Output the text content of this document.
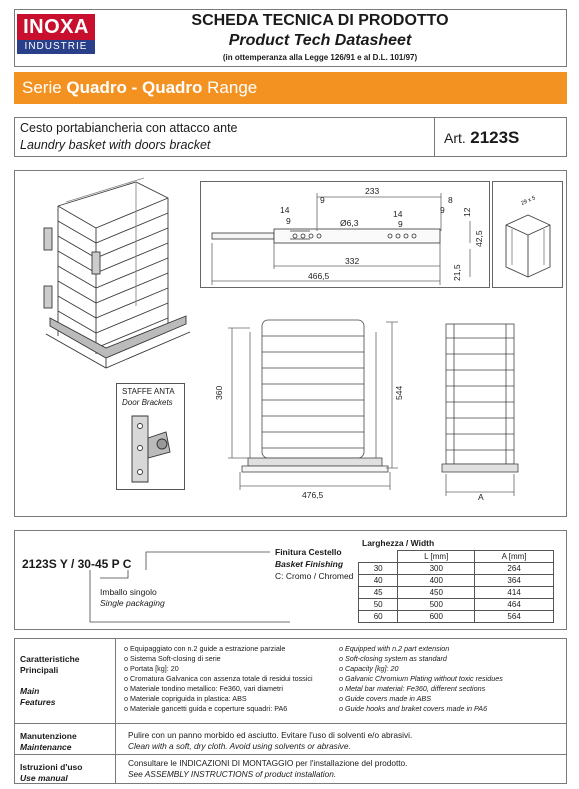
INOXA
INDUSTRIE
SCHEDA TECNICA DI PRODOTTO
Product Tech Datasheet
(in ottemperanza alla Legge 126/91 e al D.L. 101/97)
Serie Quadro - Quadro Range
Cesto portabiancheria con attacco ante
Laundry basket with doors bracket	Art. 2123S
STAFFE ANTA
Door Brackets
233
8
9
14
9
9
12
14
9
Ø6,3
42,5
332
466,5	21,5
29 x 5
360	544
476,5	A
2123S Y / 30-45 P C
Imballo singolo
Single packaging
Finitura Cestello
Basket Finishing
C: Cromo / Chromed
Larghezza / Width
	L [mm]	A [mm]
30	300	264
40	400	364
45	450	414
50	500	464
60	600	564
Caratteristiche
Principali
Main
Features
o Equipaggiato con n.2 guide a estrazione parziale
o Sistema Soft-closing di serie
o Portata [kg]: 20
o Cromatura Galvanica con assenza totale di residui tossici
o Materiale tondino metallico: Fe360, vari diametri
o Materiale copriguida in plastica: ABS
o Materiale gancetti guida e coperture squadri: PA6
o Equipped with n.2 part extension
o Soft-closing system as standard
o Capacity [kg]: 20
o Galvanic Chromium Plating without toxic residues
o Metal bar material: Fe360, different sections
o Guide covers made in ABS
o Guide hooks and braket covers made in PA6
Manutenzione
Maintenance
Pulire con un panno morbido ed asciutto. Evitare l'uso di solventi e/o abrasivi.
Clean with a soft, dry cloth. Avoid using solvents or abrasive.
Istruzioni d'uso
Use manual
Consultare le INDICAZIONI DI MONTAGGIO per l'installazione del prodotto.
See ASSEMBLY INSTRUCTIONS of product installation.
